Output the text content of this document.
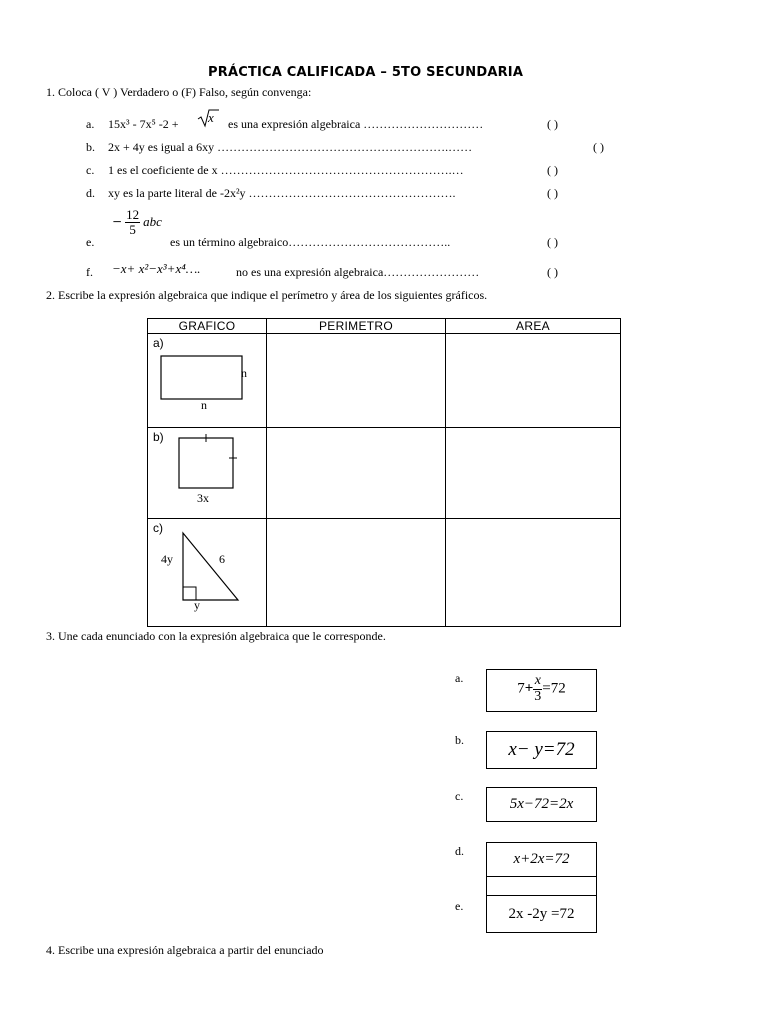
PRÁCTICA CALIFICADA – 5TO SECUNDARIA
1. Coloca ( V ) Verdadero o (F) Falso, según convenga:
a. 15x³ - 7x⁵ -2 + x es una expresión algebraica …………………………	( )
b. 2x + 4y es igual a 6xy ………………………………………………….……	( )
c. 1 es el coeficiente de x ………………………………………………….…	( )
d. xy es la parte literal de -2x²y …………………………………………….	( )
e.
− $\frac{12}{5}$ abc
es un término algebraico…………………………………..	( )
f. −x+ x²−x³+x⁴….	no es una expresión algebraica……………………	( )
2. Escribe la expresión algebraica que indique el perímetro y área de los siguientes gráficos.
GRAFICO	PERIMETRO	AREA

a)
n
n		

b)
3x		

c)
4y 6
y		

3. Une cada enunciado con la expresión algebraica que le corresponde.
a.
$7+ \frac{x}{3} =72$
b.	x− y=72
c.	5x−72=2x
d.	x+2x=72
e.	2x -2y =72
4. Escribe una expresión algebraica a partir del enunciado
